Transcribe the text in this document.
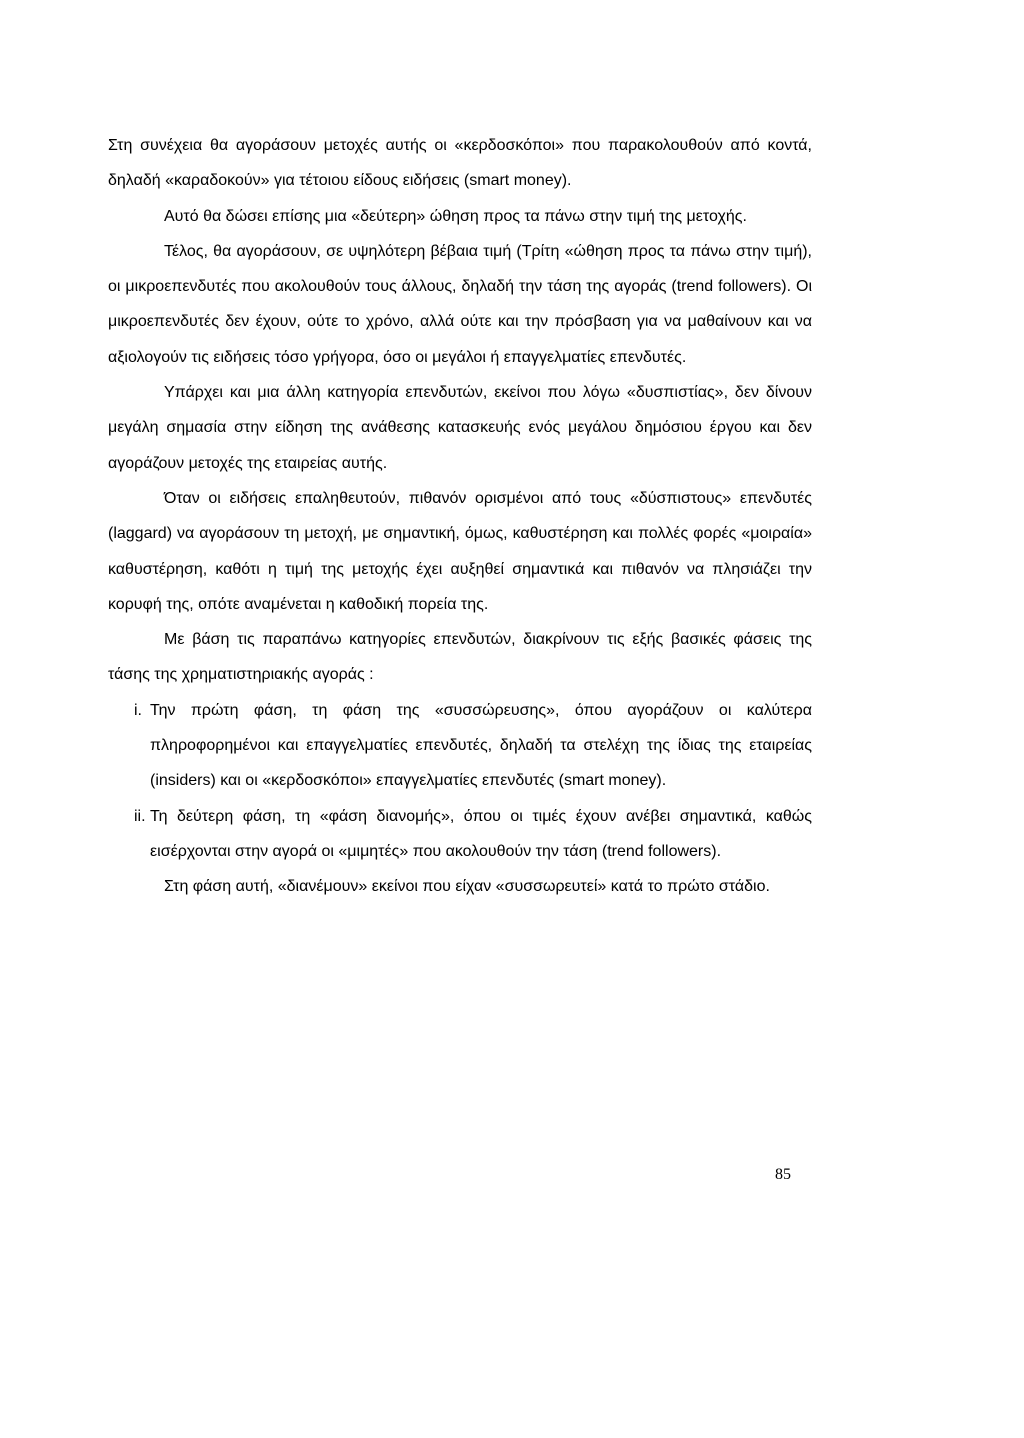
Στη συνέχεια θα αγοράσουν μετοχές αυτής οι «κερδοσκόποι» που παρακολουθούν από κοντά, δηλαδή «καραδοκούν» για τέτοιου είδους ειδήσεις (smart money).

Αυτό θα δώσει επίσης μια «δεύτερη» ώθηση προς τα πάνω στην τιμή της μετοχής.

Τέλος, θα αγοράσουν, σε υψηλότερη βέβαια τιμή (Τρίτη «ώθηση προς τα πάνω στην τιμή), οι μικροεπενδυτές που ακολουθούν τους άλλους, δηλαδή την τάση της αγοράς (trend followers). Οι μικροεπενδυτές δεν έχουν, ούτε το χρόνο, αλλά ούτε και την πρόσβαση για να μαθαίνουν και να αξιολογούν τις ειδήσεις τόσο γρήγορα, όσο οι μεγάλοι ή επαγγελματίες επενδυτές.

Υπάρχει και μια άλλη κατηγορία επενδυτών, εκείνοι που λόγω «δυσπιστίας», δεν δίνουν μεγάλη σημασία στην είδηση της ανάθεσης κατασκευής ενός μεγάλου δημόσιου έργου και δεν αγοράζουν μετοχές της εταιρείας αυτής.

Όταν οι ειδήσεις επαληθευτούν, πιθανόν ορισμένοι από τους «δύσπιστους» επενδυτές (laggard) να αγοράσουν τη μετοχή, με σημαντική, όμως, καθυστέρηση και πολλές φορές «μοιραία» καθυστέρηση, καθότι η τιμή της μετοχής έχει αυξηθεί σημαντικά και πιθανόν να πλησιάζει την κορυφή της, οπότε αναμένεται η καθοδική πορεία της.

Με βάση τις παραπάνω κατηγορίες επενδυτών, διακρίνουν τις εξής βασικές φάσεις της τάσης της χρηματιστηριακής αγοράς :

i. Την πρώτη φάση, τη φάση της «συσσώρευσης», όπου αγοράζουν οι καλύτερα πληροφορημένοι και επαγγελματίες επενδυτές, δηλαδή τα στελέχη της ίδιας της εταιρείας (insiders) και οι «κερδοσκόποι» επαγγελματίες επενδυτές (smart money).
ii. Τη δεύτερη φάση, τη «φάση διανομής», όπου οι τιμές έχουν ανέβει σημαντικά, καθώς εισέρχονται στην αγορά οι «μιμητές» που ακολουθούν την τάση (trend followers).

Στη φάση αυτή, «διανέμουν» εκείνοι που είχαν «συσσωρευτεί» κατά το πρώτο στάδιο.

85
